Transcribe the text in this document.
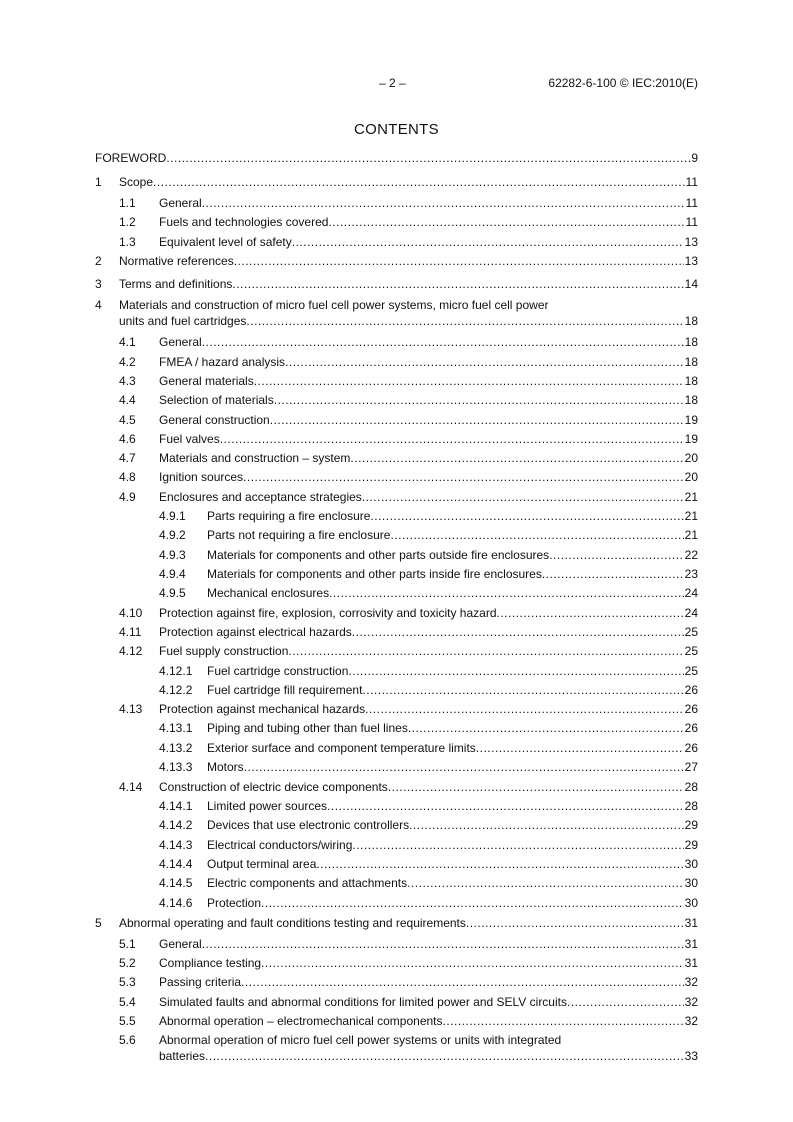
– 2 –	62282-6-100 © IEC:2010(E)
CONTENTS
FOREWORD .....	9
1 Scope .....	11
1.1 General .....	11
1.2 Fuels and technologies covered .....	11
1.3 Equivalent level of safety .....	13
2 Normative references .....	13
3 Terms and definitions .....	14
4 Materials and construction of micro fuel cell power systems, micro fuel cell power
units and fuel cartridges .....	18
4.1 General .....	18
4.2 FMEA / hazard analysis .....	18
4.3 General materials .....	18
4.4 Selection of materials .....	18
4.5 General construction .....	19
4.6 Fuel valves .....	19
4.7 Materials and construction – system .....	20
4.8 Ignition sources .....	20
4.9 Enclosures and acceptance strategies .....	21
4.9.1 Parts requiring a fire enclosure .....	21
4.9.2 Parts not requiring a fire enclosure .....	21
4.9.3 Materials for components and other parts outside fire enclosures .....	22
4.9.4 Materials for components and other parts inside fire enclosures .....	23
4.9.5 Mechanical enclosures .....	24
4.10 Protection against fire, explosion, corrosivity and toxicity hazard .....	24
4.11 Protection against electrical hazards .....	25
4.12 Fuel supply construction .....	25
4.12.1 Fuel cartridge construction .....	25
4.12.2 Fuel cartridge fill requirement .....	26
4.13 Protection against mechanical hazards .....	26
4.13.1 Piping and tubing other than fuel lines .....	26
4.13.2 Exterior surface and component temperature limits .....	26
4.13.3 Motors .....	27
4.14 Construction of electric device components .....	28
4.14.1 Limited power sources .....	28
4.14.2 Devices that use electronic controllers .....	29
4.14.3 Electrical conductors/wiring .....	29
4.14.4 Output terminal area .....	30
4.14.5 Electric components and attachments .....	30
4.14.6 Protection .....	30
5 Abnormal operating and fault conditions testing and requirements .....	31
5.1 General .....	31
5.2 Compliance testing .....	31
5.3 Passing criteria .....	32
5.4 Simulated faults and abnormal conditions for limited power and SELV circuits .....	32
5.5 Abnormal operation – electromechanical components .....	32
5.6 Abnormal operation of micro fuel cell power systems or units with integrated
batteries .....	33
